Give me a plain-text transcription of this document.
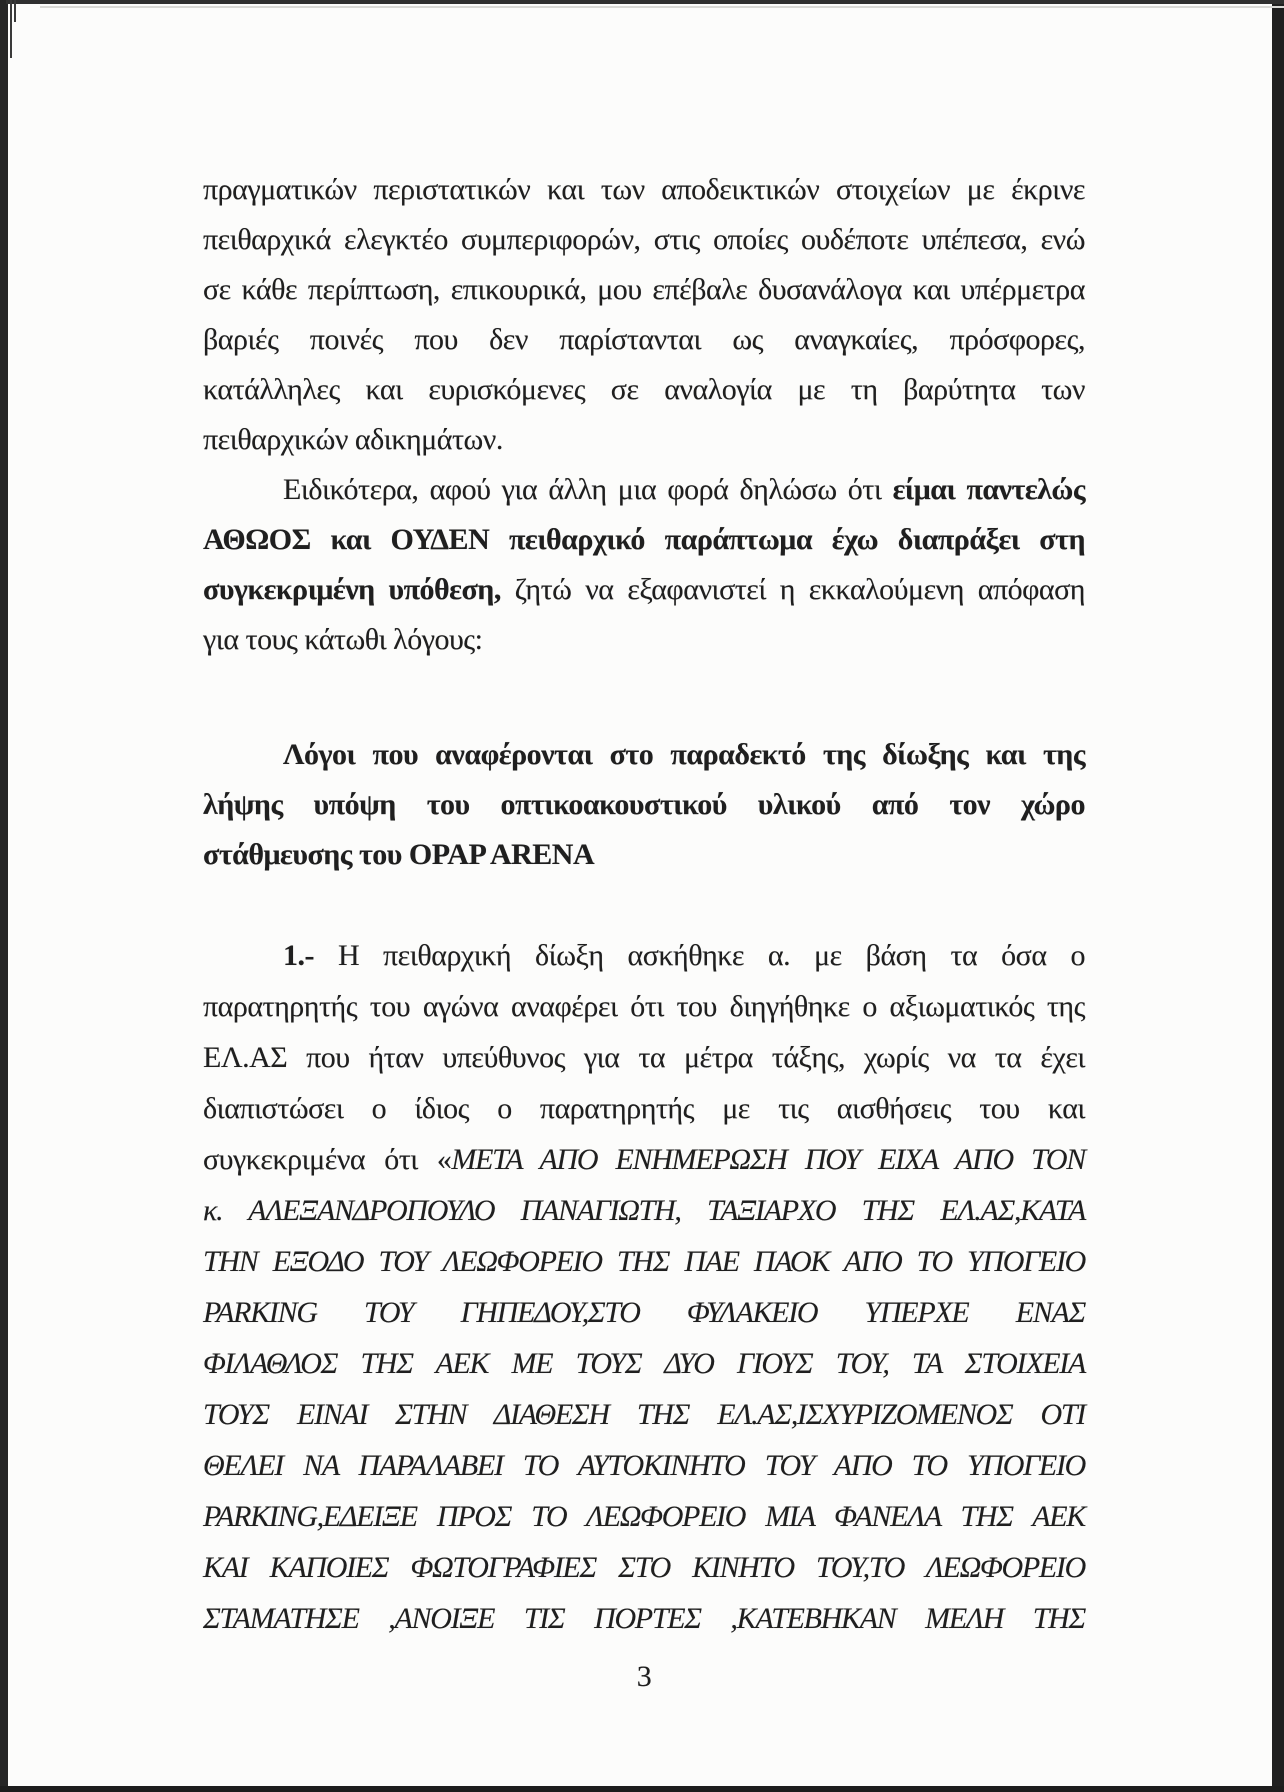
πραγματικών περιστατικών και των αποδεικτικών στοιχείων με έκρινε
πειθαρχικά ελεγκτέο συμπεριφορών, στις οποίες ουδέποτε υπέπεσα, ενώ
σε κάθε περίπτωση, επικουρικά, μου επέβαλε δυσανάλογα και υπέρμετρα
βαριές ποινές που δεν παρίστανται ως αναγκαίες, πρόσφορες,
κατάλληλες και ευρισκόμενες σε αναλογία με τη βαρύτητα των
πειθαρχικών αδικημάτων.
Ειδικότερα, αφού για άλλη μια φορά δηλώσω ότι είμαι παντελώς
ΑΘΩΟΣ και ΟΥΔΕΝ πειθαρχικό παράπτωμα έχω διαπράξει στη
συγκεκριμένη υπόθεση, ζητώ να εξαφανιστεί η εκκαλούμενη απόφαση
για τους κάτωθι λόγους:
Λόγοι που αναφέρονται στο παραδεκτό της δίωξης και της
λήψης υπόψη του οπτικοακουστικού υλικού από τον χώρο
στάθμευσης του OPAP ARENA
1.- Η πειθαρχική δίωξη ασκήθηκε α. με βάση τα όσα ο
παρατηρητής του αγώνα αναφέρει ότι του διηγήθηκε ο αξιωματικός της
ΕΛ.ΑΣ που ήταν υπεύθυνος για τα μέτρα τάξης, χωρίς να τα έχει
διαπιστώσει ο ίδιος ο παρατηρητής με τις αισθήσεις του και
συγκεκριμένα ότι «ΜΕΤΑ ΑΠΟ ΕΝΗΜΕΡΩΣΗ ΠΟΥ ΕΙΧΑ ΑΠΟ ΤΟΝ
κ. ΑΛΕΞΑΝΔΡΟΠΟΥΛΟ ΠΑΝΑΓΙΩΤΗ, ΤΑΞΙΑΡΧΟ ΤΗΣ ΕΛ.ΑΣ,ΚΑΤΑ
ΤΗΝ ΕΞΟΔΟ ΤΟΥ ΛΕΩΦΟΡΕΙΟ ΤΗΣ ΠΑΕ ΠΑΟΚ ΑΠΟ ΤΟ ΥΠΟΓΕΙΟ
PARKING ΤΟΥ ΓΗΠΕΔΟΥ,ΣΤΟ ΦΥΛΑΚΕΙΟ ΥΠΕΡΧΕ ΕΝΑΣ
ΦΙΛΑΘΛΟΣ ΤΗΣ ΑΕΚ ΜΕ ΤΟΥΣ ΔΥΟ ΓΙΟΥΣ ΤΟΥ, ΤΑ ΣΤΟΙΧΕΙΑ
ΤΟΥΣ ΕΙΝΑΙ ΣΤΗΝ ΔΙΑΘΕΣΗ ΤΗΣ ΕΛ.ΑΣ,ΙΣΧΥΡΙΖΟΜΕΝΟΣ ΟΤΙ
ΘΕΛΕΙ ΝΑ ΠΑΡΑΛΑΒΕΙ ΤΟ ΑΥΤΟΚΙΝΗΤΟ ΤΟΥ ΑΠΟ ΤΟ ΥΠΟΓΕΙΟ
PARKING,ΕΔΕΙΞΕ ΠΡΟΣ ΤΟ ΛΕΩΦΟΡΕΙΟ ΜΙΑ ΦΑΝΕΛΑ ΤΗΣ ΑΕΚ
ΚΑΙ ΚΑΠΟΙΕΣ ΦΩΤΟΓΡΑΦΙΕΣ ΣΤΟ ΚΙΝΗΤΟ ΤΟΥ,ΤΟ ΛΕΩΦΟΡΕΙΟ
ΣΤΑΜΑΤΗΣΕ ,ΑΝΟΙΞΕ ΤΙΣ ΠΟΡΤΕΣ ,ΚΑΤΕΒΗΚΑΝ ΜΕΛΗ ΤΗΣ
3
